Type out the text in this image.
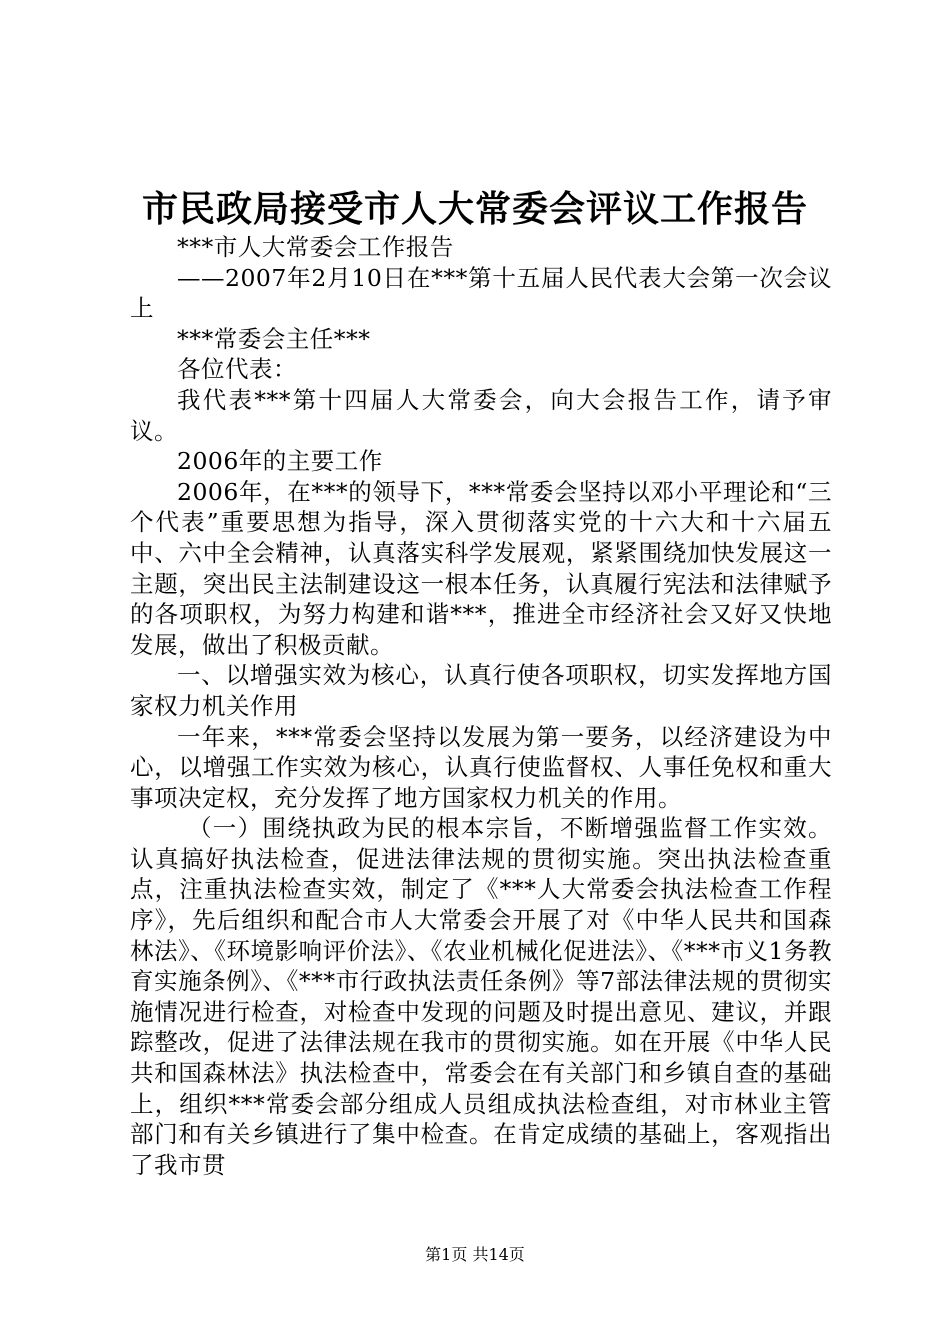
市民政局接受市人大常委会评议工作报告

***市人大常委会工作报告

——2007年2月10日在***第十五届人民代表大会第一次会议上

***常委会主任***

各位代表：

我代表***第十四届人大常委会，向大会报告工作，请予审议。

2006年的主要工作

2006年，在***的领导下，***常委会坚持以邓小平理论和“三个代表”重要思想为指导，深入贯彻落实党的十六大和十六届五中、六中全会精神，认真落实科学发展观，紧紧围绕加快发展这一主题，突出民主法制建设这一根本任务，认真履行宪法和法律赋予的各项职权，为努力构建和谐***，推进全市经济社会又好又快地发展，做出了积极贡献。

一、以增强实效为核心，认真行使各项职权，切实发挥地方国家权力机关作用

一年来，***常委会坚持以发展为第一要务，以经济建设为中心，以增强工作实效为核心，认真行使监督权、人事任免权和重大事项决定权，充分发挥了地方国家权力机关的作用。

（一）围绕执政为民的根本宗旨，不断增强监督工作实效。认真搞好执法检查，促进法律法规的贯彻实施。突出执法检查重点，注重执法检查实效，制定了《***人大常委会执法检查工作程序》，先后组织和配合市人大常委会开展了对《中华人民共和国森林法》、《环境影响评价法》、《农业机械化促进法》、《***市义1务教育实施条例》、《***市行政执法责任条例》等7部法律法规的贯彻实施情况进行检查，对检查中发现的问题及时提出意见、建议，并跟踪整改，促进了法律法规在我市的贯彻实施。如在开展《中华人民共和国森林法》执法检查中，常委会在有关部门和乡镇自查的基础上，组织***常委会部分组成人员组成执法检查组，对市林业主管部门和有关乡镇进行了集中检查。在肯定成绩的基础上，客观指出了我市贯

第1页 共14页
